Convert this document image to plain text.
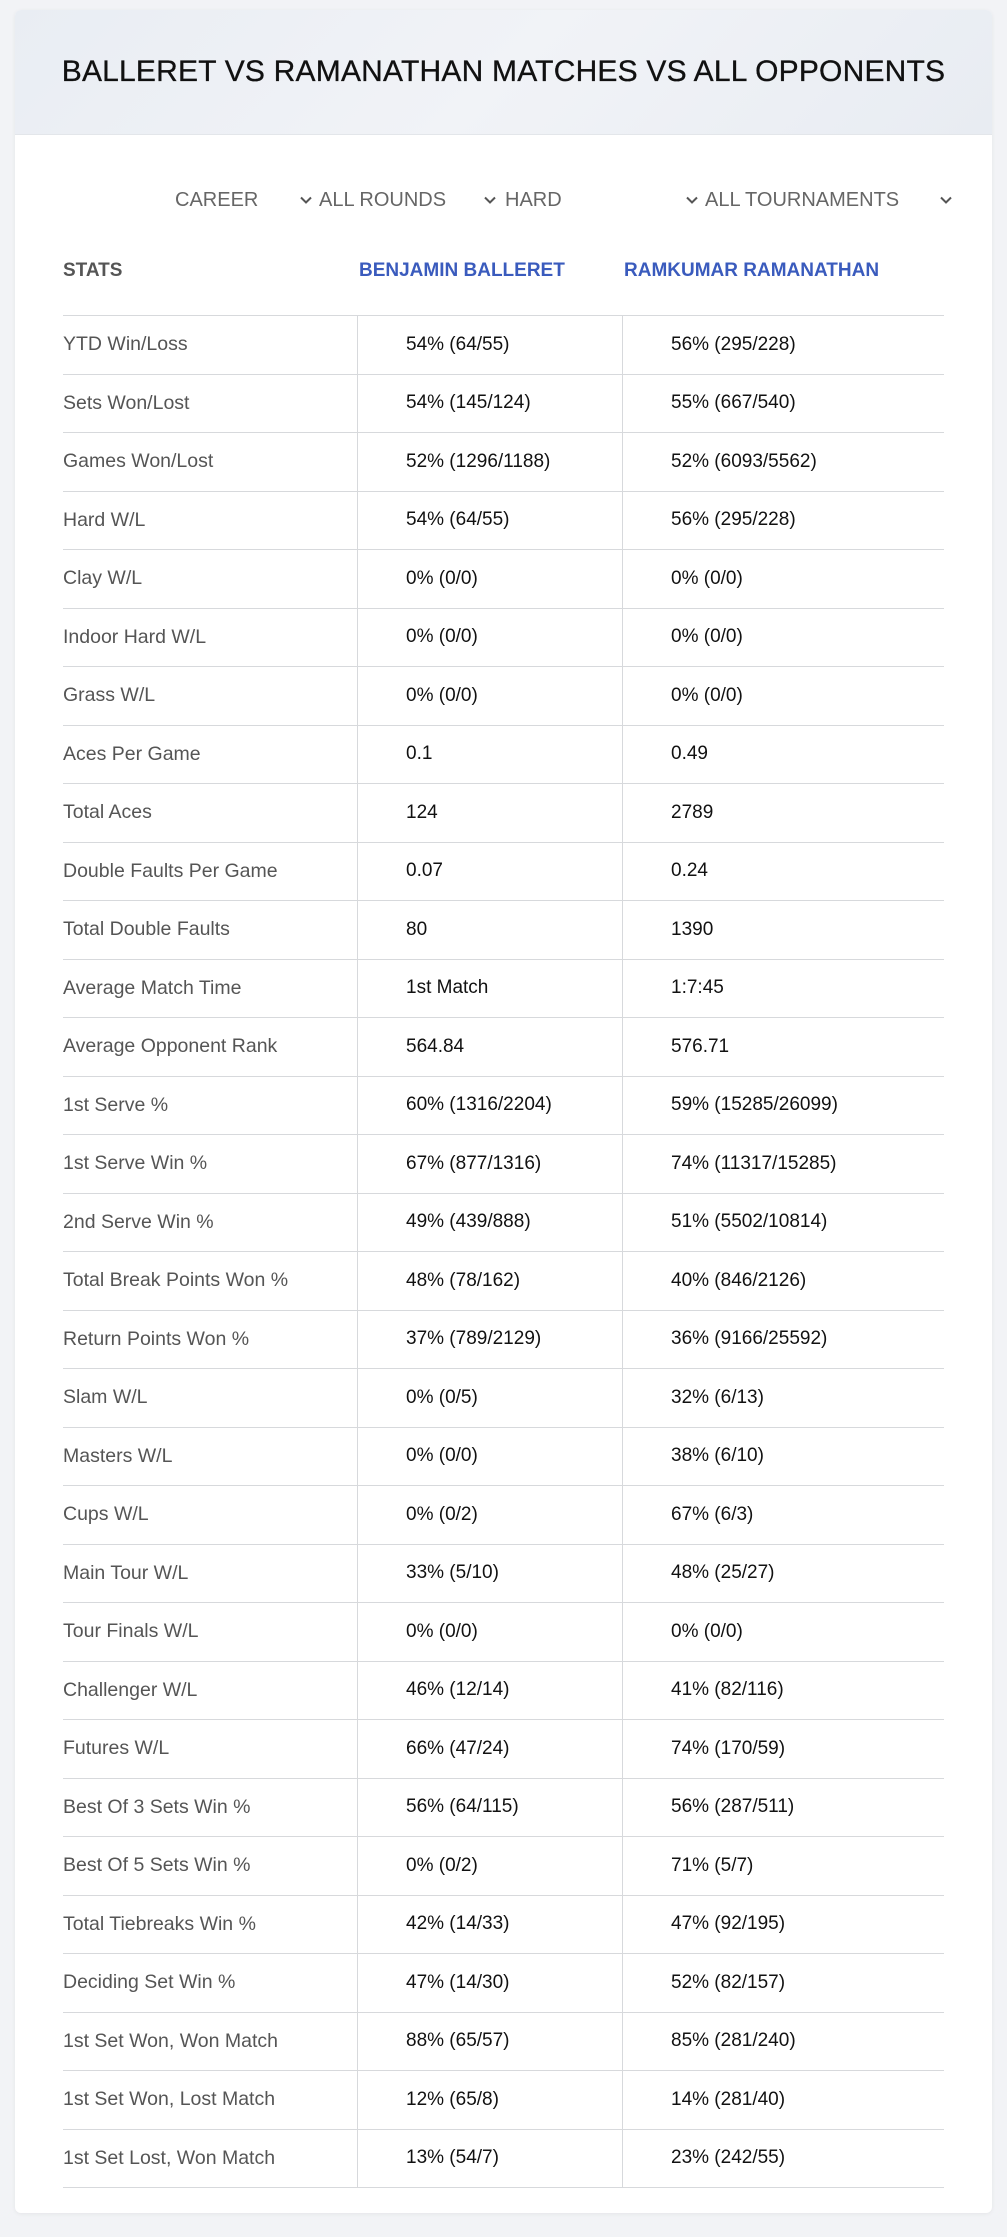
BALLERET VS RAMANATHAN MATCHES VS ALL OPPONENTS
CAREER	ALL ROUNDS	HARD	ALL TOURNAMENTS
STATS	BENJAMIN BALLERET	RAMKUMAR RAMANATHAN
YTD Win/Loss	54% (64/55)	56% (295/228)
Sets Won/Lost	54% (145/124)	55% (667/540)
Games Won/Lost	52% (1296/1188)	52% (6093/5562)
Hard W/L	54% (64/55)	56% (295/228)
Clay W/L	0% (0/0)	0% (0/0)
Indoor Hard W/L	0% (0/0)	0% (0/0)
Grass W/L	0% (0/0)	0% (0/0)
Aces Per Game	0.1	0.49
Total Aces	124	2789
Double Faults Per Game	0.07	0.24
Total Double Faults	80	1390
Average Match Time	1st Match	1:7:45
Average Opponent Rank	564.84	576.71
1st Serve %	60% (1316/2204)	59% (15285/26099)
1st Serve Win %	67% (877/1316)	74% (11317/15285)
2nd Serve Win %	49% (439/888)	51% (5502/10814)
Total Break Points Won %	48% (78/162)	40% (846/2126)
Return Points Won %	37% (789/2129)	36% (9166/25592)
Slam W/L	0% (0/5)	32% (6/13)
Masters W/L	0% (0/0)	38% (6/10)
Cups W/L	0% (0/2)	67% (6/3)
Main Tour W/L	33% (5/10)	48% (25/27)
Tour Finals W/L	0% (0/0)	0% (0/0)
Challenger W/L	46% (12/14)	41% (82/116)
Futures W/L	66% (47/24)	74% (170/59)
Best Of 3 Sets Win %	56% (64/115)	56% (287/511)
Best Of 5 Sets Win %	0% (0/2)	71% (5/7)
Total Tiebreaks Win %	42% (14/33)	47% (92/195)
Deciding Set Win %	47% (14/30)	52% (82/157)
1st Set Won, Won Match	88% (65/57)	85% (281/240)
1st Set Won, Lost Match	12% (65/8)	14% (281/40)
1st Set Lost, Won Match	13% (54/7)	23% (242/55)
